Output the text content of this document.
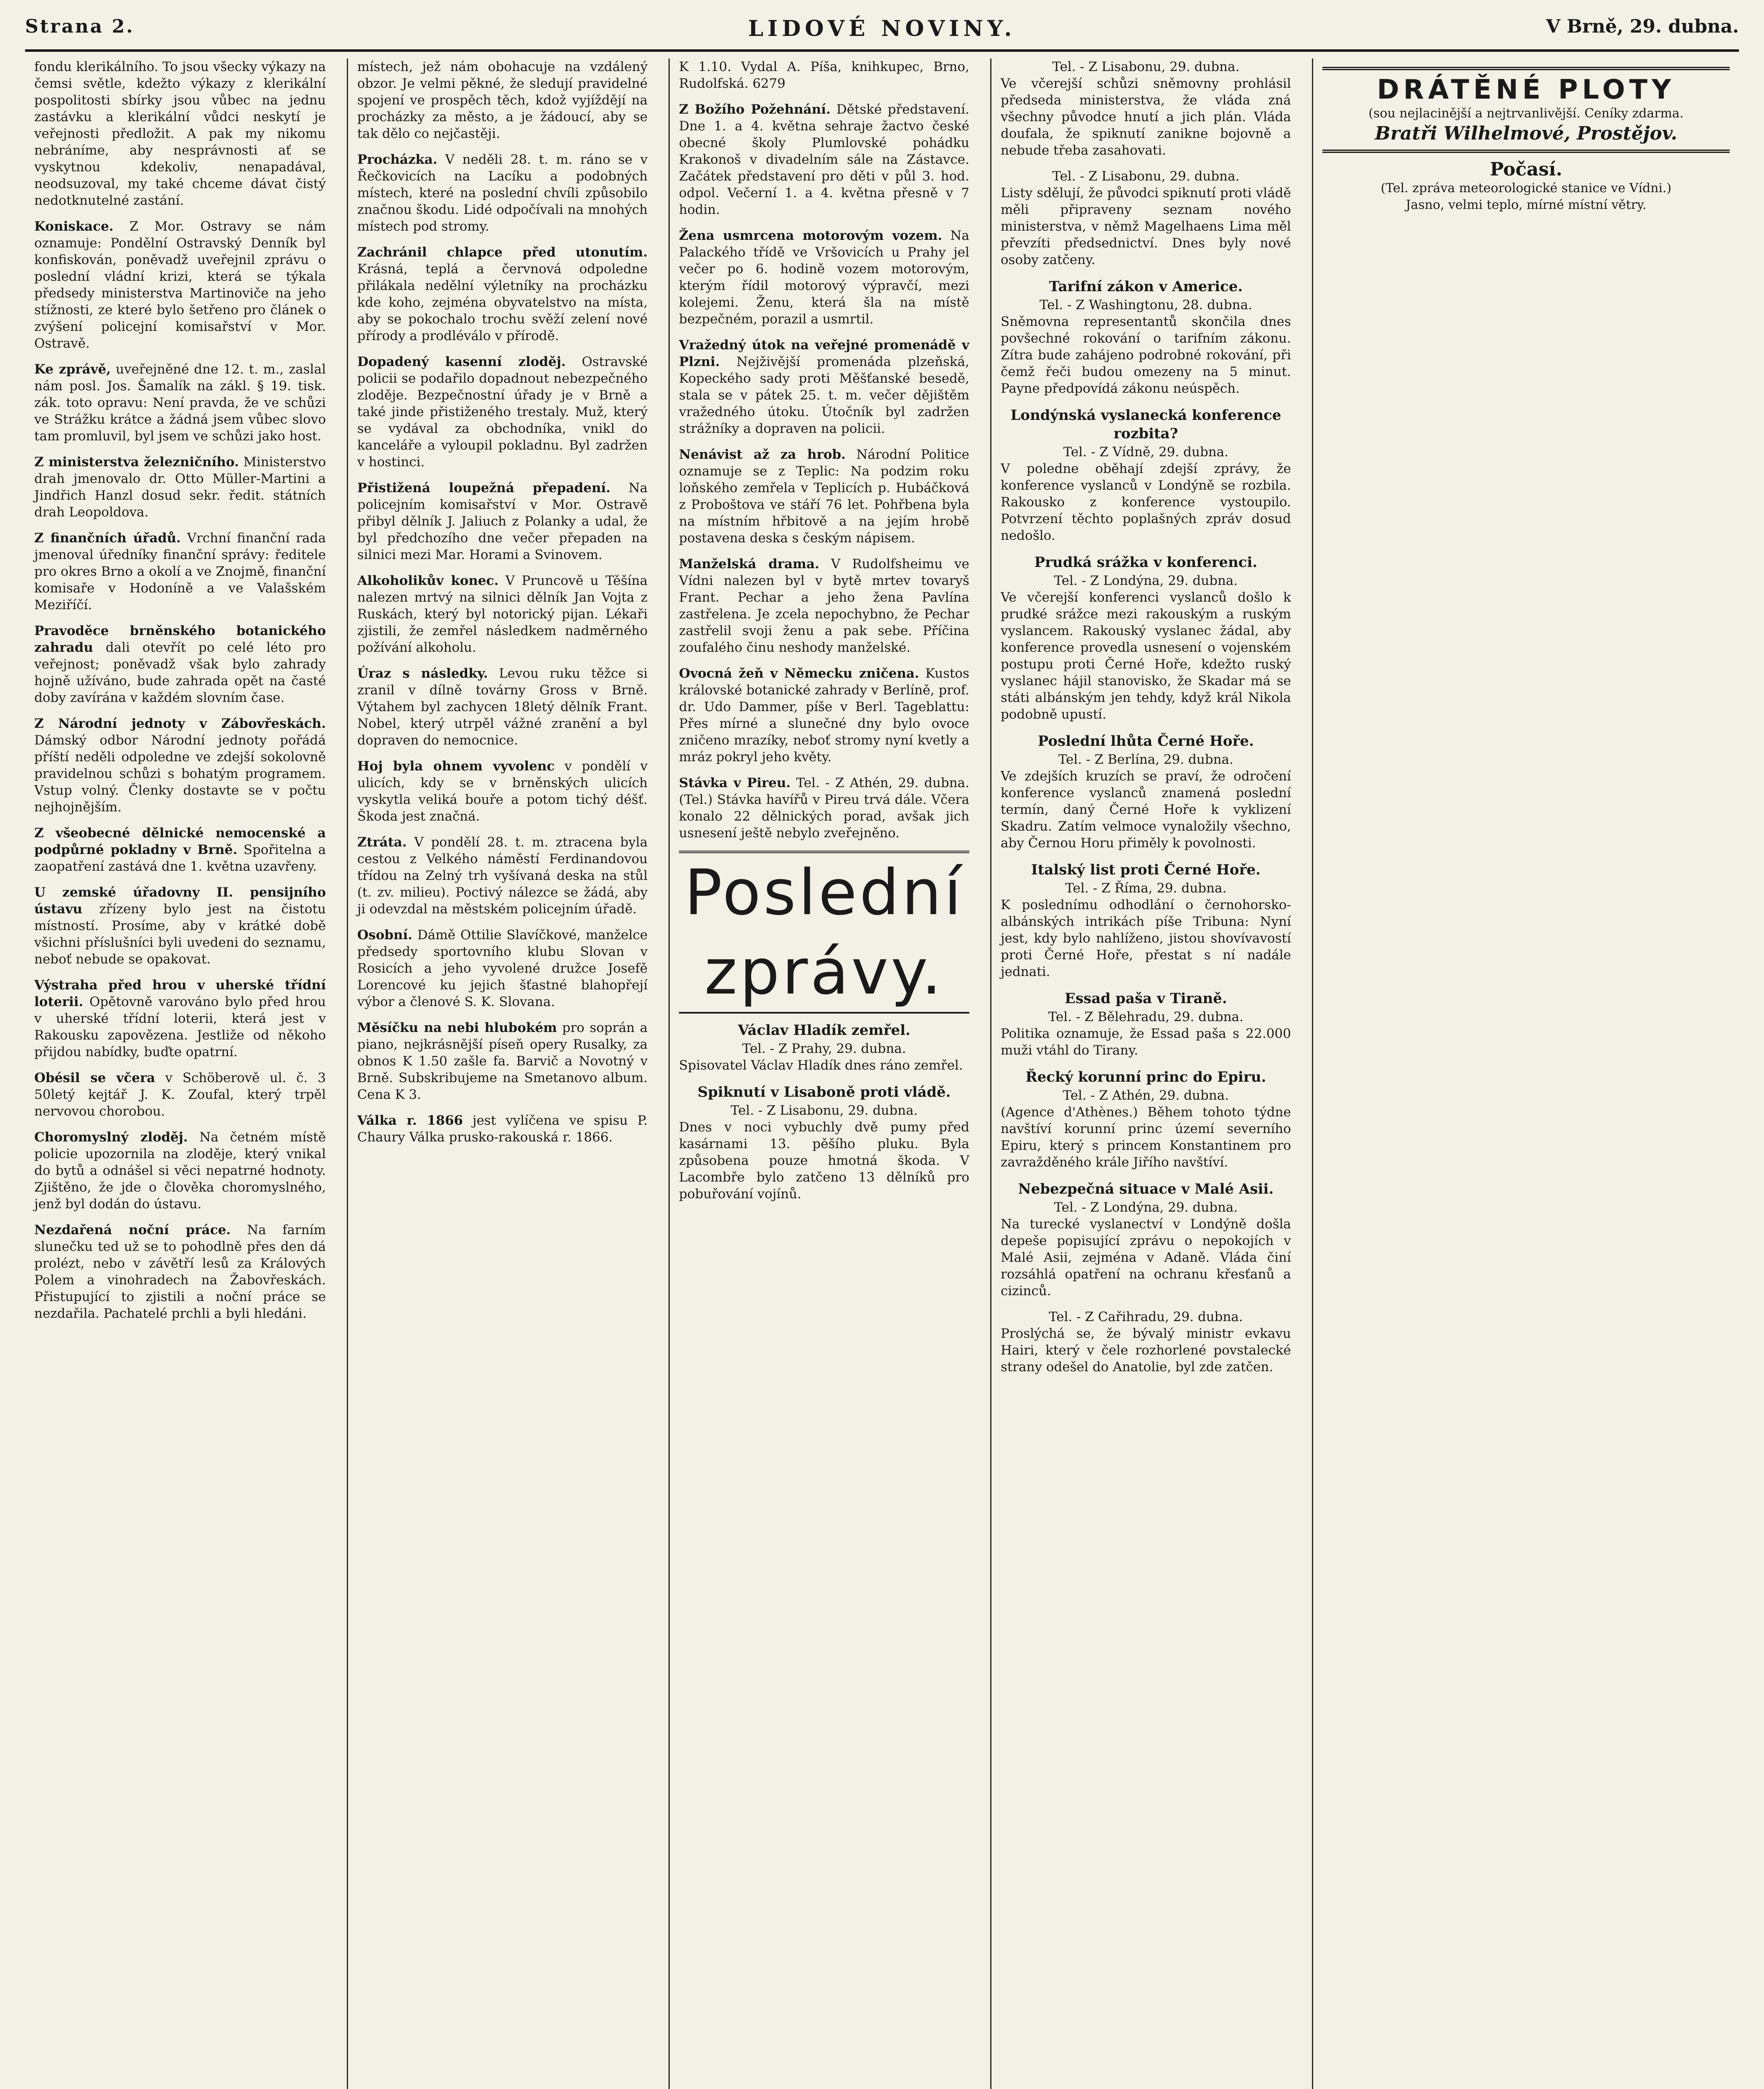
Strana 2.	LIDOVÉ NOVINY.	V Brně, 29. dubna.

fondu klerikálního. To jsou všecky výkazy na čemsi světle, kdežto výkazy z klerikální pospolitosti sbírky jsou vůbec na jednu zastávku a klerikální vůdci neskytí je veřejnosti předložit. A pak my nikomu nebráníme, aby nesprávnosti ať se vyskytnou kdekoliv, nenapadával, neodsuzoval, my také chceme dávat čistý nedotknutelné zastání.

Koniskace. Z Mor. Ostravy se nám oznamuje: Pondělní Ostravský Denník byl konfiskován, poněvadž uveřejnil zprávu o poslední vládní krizi, která se týkala předsedy ministerstva Martinoviče na jeho stížnosti, ze které bylo šetřeno pro článek o zvýšení policejní komisařství v Mor. Ostravě.

Ke zprávě, uveřejněné dne 12. t. m., zaslal nám posl. Jos. Šamalík na zákl. § 19. tisk. zák. toto opravu: Není pravda, že ve schůzi ve Strážku krátce a žádná jsem vůbec slovo tam promluvil, byl jsem ve schůzi jako host.

Z ministerstva železničního. Ministerstvo drah jmenovalo dr. Otto Müller-Martini a Jindřich Hanzl dosud sekr. ředit. státních drah Leopoldova.

Z finančních úřadů. Vrchní finanční rada jmenoval úředníky finanční správy: ředitele pro okres Brno a okolí a ve Znojmě, finanční komisaře v Hodoníně a ve Valašském Meziříčí.

Pravoděce brněnského botanického zahradu dali otevřít po celé léto pro veřejnost; poněvadž však bylo zahrady hojně užíváno, bude zahrada opět na časté doby zavírána v každém slovním čase.

Z Národní jednoty v Zábovřeskách. Dámský odbor Národní jednoty pořádá příští neděli odpoledne ve zdejší sokolovně pravidelnou schůzi s bohatým programem. Vstup volný. Členky dostavte se v počtu nejhojnějším.

Z všeobecné dělnické nemocenské a podpůrné pokladny v Brně. Spořitelna a zaopatření zastává dne 1. května uzavřeny.

U zemské úřadovny II. pensijního ústavu zřízeny bylo jest na čistotu místností. Prosíme, aby v krátké době všichni příslušníci byli uvedeni do seznamu, neboť nebude se opakovat.

Výstraha před hrou v uherské třídní loterii. Opětovně varováno bylo před hrou v uherské třídní loterii, která jest v Rakousku zapovězena. Jestliže od někoho přijdou nabídky, buďte opatrní.

Obésil se včera v Schöberově ul. č. 3 50letý kejtář J. K. Zoufal, který trpěl nervovou chorobou.

Choromyslný zloděj. Na četném místě policie upozornila na zloděje, který vnikal do bytů a odnášel si věci nepatrné hodnoty. Zjištěno, že jde o člověka choromyslného, jenž byl dodán do ústavu.

Nezdařená noční práce. Na farním slunečku ted už se to pohodlně přes den dá prolézt, nebo v závětří lesů za Králových Polem a vinohradech na Žabovřeskách. Přistupující to zjistili a noční práce se nezdařila. Pachatelé prchli a byli hledáni.

místech, jež nám obohacuje na vzdálený obzor. Je velmi pěkné, že sledují pravidelné spojení ve prospěch těch, kdož vyjíždějí na procházky za město, a je žádoucí, aby se tak dělo co nejčastěji.

Procházka. V neděli 28. t. m. ráno se v Řečkovicích na Lacíku a podobných místech, které na poslední chvíli způsobilo značnou škodu. Lidé odpočívali na mnohých místech pod stromy.

Zachránil chlapce před utonutím. Krásná, teplá a červnová odpoledne přilákala nedělní výletníky na procházku kde koho, zejména obyvatelstvo na místa, aby se pokochalo trochu svěží zelení nové přírody a prodléválo v přírodě.

Dopadený kasenní zloděj. Ostravské policii se podařilo dopadnout nebezpečného zloděje. Bezpečnostní úřady je v Brně a také jinde přistiženého trestaly. Muž, který se vydával za obchodníka, vnikl do kanceláře a vyloupil pokladnu. Byl zadržen v hostinci.

Přistižená loupežná přepadení. Na policejním komisařství v Mor. Ostravě přibyl dělník J. Jaliuch z Polanky a udal, že byl předchozího dne večer přepaden na silnici mezi Mar. Horami a Svinovem.

Alkoholikův konec. V Pruncově u Těšína nalezen mrtvý na silnici dělník Jan Vojta z Ruskách, který byl notorický pijan. Lékaři zjistili, že zemřel následkem nadměrného požívání alkoholu.

Úraz s následky. Levou ruku těžce si zranil v dílně továrny Gross v Brně. Výtahem byl zachycen 18letý dělník Frant. Nobel, který utrpěl vážné zranění a byl dopraven do nemocnice.

Hoj byla ohnem vyvolenc v pondělí v ulicích, kdy se v brněnských ulicích vyskytla veliká bouře a potom tichý déšť. Škoda jest značná.

Ztráta. V pondělí 28. t. m. ztracena byla cestou z Velkého náměstí Ferdinandovou třídou na Zelný trh vyšívaná deska na stůl (t. zv. milieu). Poctivý nálezce se žádá, aby ji odevzdal na městském policejním úřadě.

Osobní. Dámě Ottilie Slavíčkové, manželce předsedy sportovního klubu Slovan v Rosicích a jeho vyvolené družce Josefě Lorencové ku jejich šťastné blahopřejí výbor a členové S. K. Slovana.

Měsíčku na nebi hlubokém pro soprán a piano, nejkrásnější píseň opery Rusalky, za obnos K 1.50 zašle fa. Barvič a Novotný v Brně. Subskribujeme na Smetanovo album. Cena K 3.

Válka r. 1866 jest vylíčena ve spisu P. Chaury Válka prusko-rakouská r. 1866.

K 1.10. Vydal A. Píša, knihkupec, Brno, Rudolfská. 6279

Z Božího Požehnání. Dětské představení. Dne 1. a 4. května sehraje žactvo české obecné školy Plumlovské pohádku Krakonoš v divadelním sále na Zástavce. Začátek představení pro děti v půl 3. hod. odpol. Večerní 1. a 4. května přesně v 7 hodin.

Žena usmrcena motorovým vozem. Na Palackého třídě ve Vršovicích u Prahy jel večer po 6. hodině vozem motorovým, kterým řídil motorový výpravčí, mezi kolejemi. Ženu, která šla na místě bezpečném, porazil a usmrtil.

Vražedný útok na veřejné promenádě v Plzni. Nejživější promenáda plzeňská, Kopeckého sady proti Měšťanské besedě, stala se v pátek 25. t. m. večer dějištěm vražedného útoku. Útočník byl zadržen strážníky a dopraven na policii.

Nenávist až za hrob. Národní Politice oznamuje se z Teplic: Na podzim roku loňského zemřela v Teplicích p. Hubáčková z Proboštova ve stáří 76 let. Pohřbena byla na místním hřbitově a na jejím hrobě postavena deska s českým nápisem.

Manželská drama. V Rudolfsheimu ve Vídni nalezen byl v bytě mrtev tovaryš Frant. Pechar a jeho žena Pavlína zastřelena. Je zcela nepochybno, že Pechar zastřelil svoji ženu a pak sebe. Příčina zoufalého činu neshody manželské.

Ovocná žeň v Německu zničena. Kustos královské botanické zahrady v Berlíně, prof. dr. Udo Dammer, píše v Berl. Tageblattu: Přes mírné a slunečné dny bylo ovoce zničeno mrazíky, neboť stromy nyní kvetly a mráz pokryl jeho květy.

Stávka v Pireu. Tel. - Z Athén, 29. dubna. (Tel.) Stávka havířů v Pireu trvá dále. Včera konalo 22 dělnických porad, avšak jich usnesení ještě nebylo zveřejněno.

Poslední zprávy.
Václav Hladík zemřel.
Tel. - Z Prahy, 29. dubna.

Spisovatel Václav Hladík dnes ráno zemřel.

Spiknutí v Lisaboně proti vládě.
Tel. - Z Lisabonu, 29. dubna.

Dnes v noci vybuchly dvě pumy před kasárnami 13. pěšího pluku. Byla způsobena pouze hmotná škoda. V Lacombře bylo zatčeno 13 dělníků pro pobuřování vojínů.

Tel. - Z Lisabonu, 29. dubna.

Ve včerejší schůzi sněmovny prohlásil předseda ministerstva, že vláda zná všechny původce hnutí a jich plán. Vláda doufala, že spiknutí zanikne bojovně a nebude třeba zasahovati.

Tel. - Z Lisabonu, 29. dubna.

Listy sdělují, že původci spiknutí proti vládě měli připraveny seznam nového ministerstva, v němž Magelhaens Lima měl převzíti předsednictví. Dnes byly nové osoby zatčeny.

Tarifní zákon v Americe.
Tel. - Z Washingtonu, 28. dubna.

Sněmovna representantů skončila dnes povšechné rokování o tarifním zákonu. Zítra bude zahájeno podrobné rokování, při čemž řeči budou omezeny na 5 minut. Payne předpovídá zákonu neúspěch.

Londýnská vyslanecká konference rozbita?
Tel. - Z Vídně, 29. dubna.

V poledne oběhají zdejší zprávy, že konference vyslanců v Londýně se rozbila. Rakousko z konference vystoupilo. Potvrzení těchto poplašných zpráv dosud nedošlo.

Prudká srážka v konferenci.
Tel. - Z Londýna, 29. dubna.

Ve včerejší konferenci vyslanců došlo k prudké srážce mezi rakouským a ruským vyslancem. Rakouský vyslanec žádal, aby konference provedla usnesení o vojenském postupu proti Černé Hoře, kdežto ruský vyslanec hájil stanovisko, že Skadar má se státi albánským jen tehdy, když král Nikola podobně upustí.

Poslední lhůta Černé Hoře.
Tel. - Z Berlína, 29. dubna.

Ve zdejších kruzích se praví, že odročení konference vyslanců znamená poslední termín, daný Černé Hoře k vyklizení Skadru. Zatím velmoce vynaložily všechno, aby Černou Horu přiměly k povolnosti.

Italský list proti Černé Hoře.
Tel. - Z Říma, 29. dubna.

K poslednímu odhodlání o černohorsko-albánských intrikách píše Tribuna: Nyní jest, kdy bylo nahlíženo, jistou shovívavostí proti Černé Hoře, přestat s ní nadále jednati.

Essad paša v Tiraně.
Tel. - Z Bělehradu, 29. dubna.

Politika oznamuje, že Essad paša s 22.000 muži vtáhl do Tirany.

Řecký korunní princ do Epiru.
Tel. - Z Athén, 29. dubna.

(Agence d'Athènes.) Během tohoto týdne navštíví korunní princ území severního Epiru, který s princem Konstantinem pro zavražděného krále Jiřího navštíví.

Nebezpečná situace v Malé Asii.
Tel. - Z Londýna, 29. dubna.

Na turecké vyslanectví v Londýně došla depeše popisující zprávu o nepokojích v Malé Asii, zejména v Adaně. Vláda činí rozsáhlá opatření na ochranu křesťanů a cizinců.

Tel. - Z Cařihradu, 29. dubna.

Proslýchá se, že bývalý ministr evkavu Hairi, který v čele rozhorlené povstalecké strany odešel do Anatolie, byl zde zatčen.

DRÁTĚNÉ PLOTY
(sou nejlacinější a nejtrvanlivější. Ceníky zdarma.
Bratři Wilhelmové, Prostějov.
Počasí.
(Tel. zpráva meteorologické stanice ve Vídni.)
Jasno, velmi teplo, mírné místní větry.
